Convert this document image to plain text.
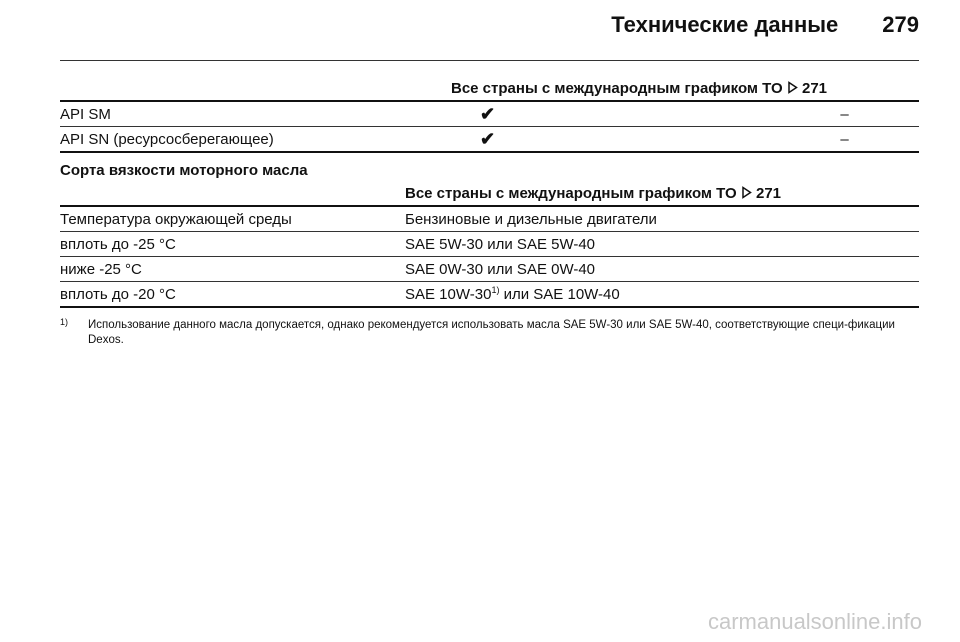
Технические данные 279
Все страны с международным графиком ТО 271		
API SM	✔	–
API SN (ресурсосберегающее)	✔	–
Сорта вязкости моторного масла
Все страны с международным графиком ТО 271	
Температура окружающей среды	Бензиновые и дизельные двигатели
вплоть до -25 °С	SAE 5W-30 или SAE 5W-40
ниже -25 °С	SAE 0W-30 или SAE 0W-40
вплоть до -20 °С	SAE 10W-30$^{1)}$ или SAE 10W-40
1)	Использование данного масла допускается, однако рекомендуется использовать масла SAE 5W-30 или SAE 5W-40, соответствующие специ-фикации Dexos.
carmanualsonline.info
